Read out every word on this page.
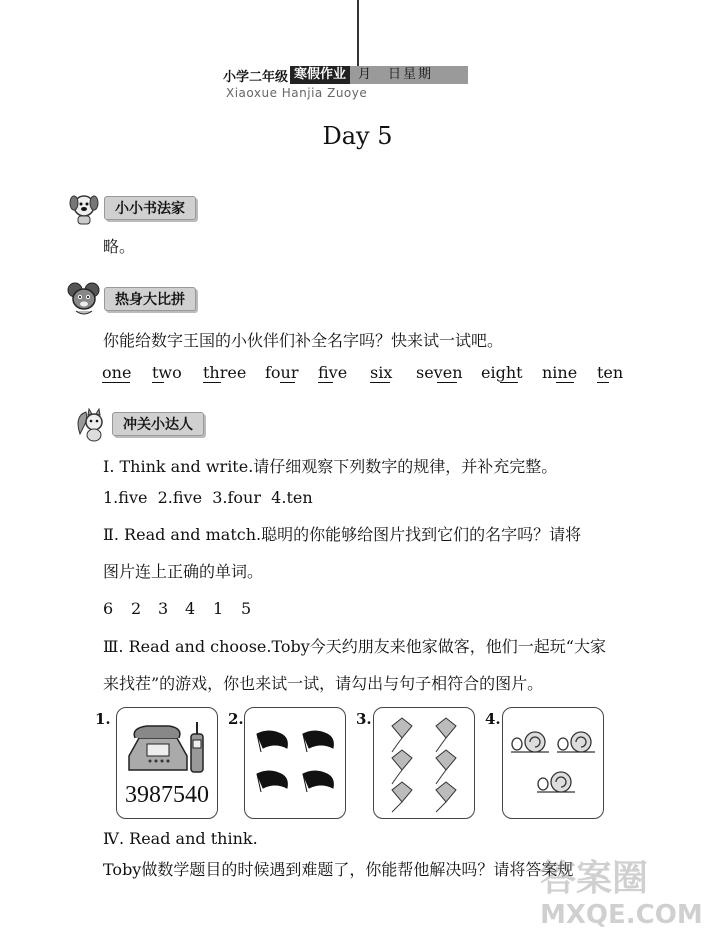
小学二年级 寒假作业 月　日星期
Xiaoxue Hanjia Zuoye
Day 5
小小书法家
略。
热身大比拼
你能给数字王国的小伙伴们补全名字吗？快来试一试吧。
one two three four five six seven eight nine ten
冲关小达人
Ⅰ. Think and write.请仔细观察下列数字的规律，并补充完整。
1.five  2.five  3.four  4.ten
Ⅱ. Read and match.聪明的你能够给图片找到它们的名字吗？请将
图片连上正确的单词。
6 2 3 4 1 5
Ⅲ. Read and choose.Toby今天约朋友来他家做客，他们一起玩“大家
来找茬”的游戏，你也来试一试，请勾出与句子相符合的图片。
1.
3987540
2.	3.	4.
Ⅳ. Read and think.
Toby做数学题目的时候遇到难题了，你能帮他解决吗？请将答案规
答案圈
MXQE.COM
